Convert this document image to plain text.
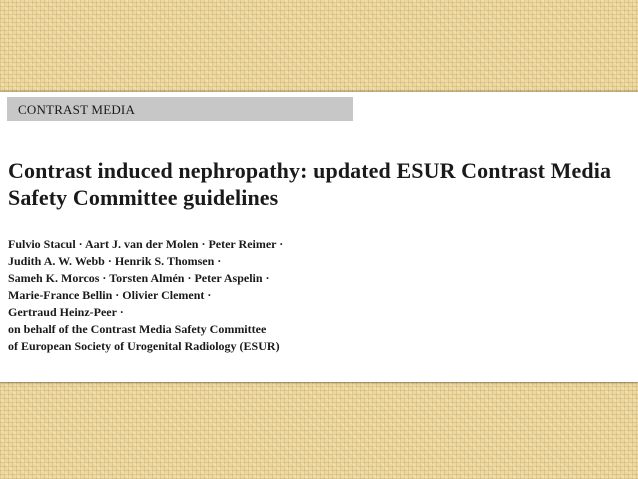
CONTRAST MEDIA
Contrast induced nephropathy: updated ESUR Contrast Media Safety Committee guidelines
Fulvio Stacul · Aart J. van der Molen · Peter Reimer ·
Judith A. W. Webb · Henrik S. Thomsen ·
Sameh K. Morcos · Torsten Almén · Peter Aspelin ·
Marie-France Bellin · Olivier Clement ·
Gertraud Heinz-Peer ·
on behalf of the Contrast Media Safety Committee
of European Society of Urogenital Radiology (ESUR)
